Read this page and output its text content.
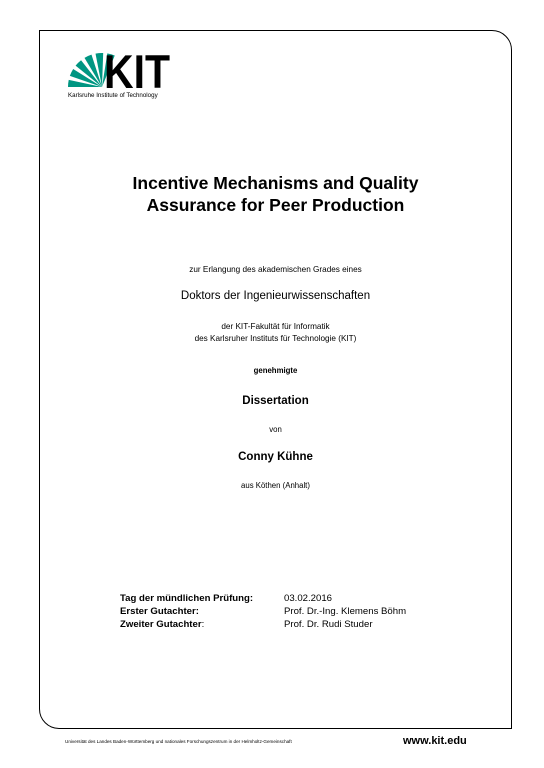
KIT
Karlsruhe Institute of Technology
Incentive Mechanisms and Quality
Assurance for Peer Production
zur Erlangung des akademischen Grades eines
Doktors der Ingenieurwissenschaften
der KIT-Fakultät für Informatik
des Karlsruher Instituts für Technologie (KIT)
genehmigte
Dissertation
von
Conny Kühne
aus Köthen (Anhalt)
Tag der mündlichen Prüfung:	03.02.2016
Erster Gutachter:	Prof. Dr.-Ing. Klemens Böhm
Zweiter Gutachter:	Prof. Dr. Rudi Studer
Universität des Landes Baden-Württemberg und nationales Forschungszentrum in der Helmholtz-Gemeinschaft	www.kit.edu
